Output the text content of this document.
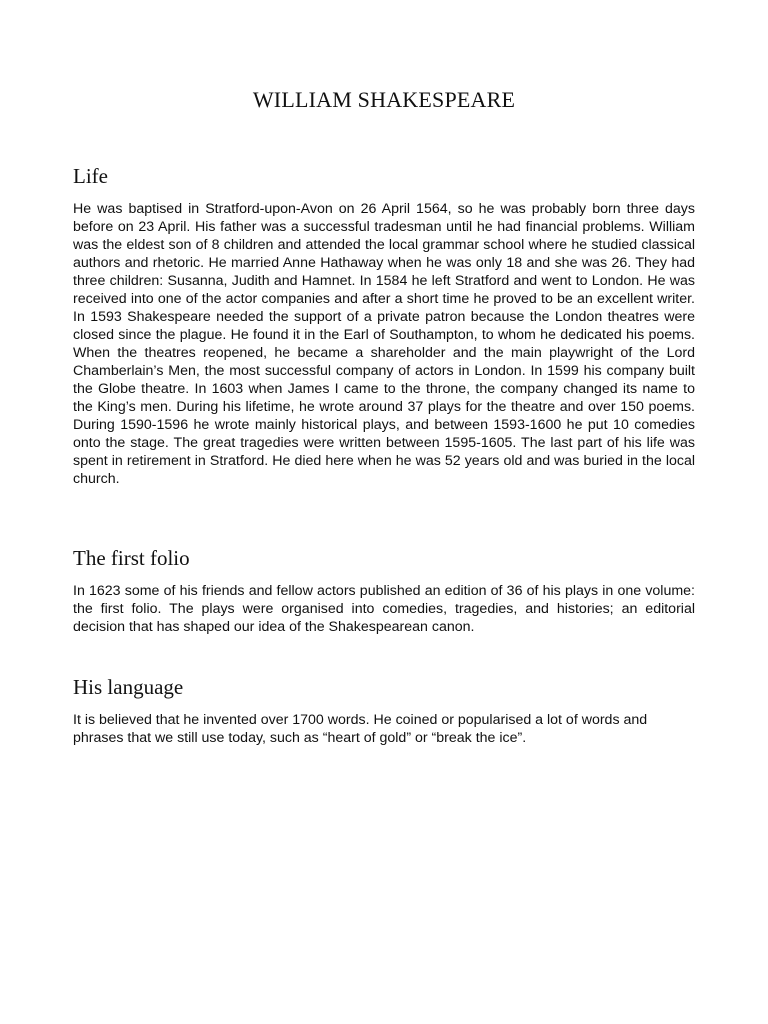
WILLIAM SHAKESPEARE
Life

He was baptised in Stratford-upon-Avon on 26 April 1564, so he was probably born three days before on 23 April. His father was a successful tradesman until he had financial problems. William was the eldest son of 8 children and attended the local grammar school where he studied classical authors and rhetoric. He married Anne Hathaway when he was only 18 and she was 26. They had three children: Susanna, Judith and Hamnet. In 1584 he left Stratford and went to London. He was received into one of the actor companies and after a short time he proved to be an excellent writer. In 1593 Shakespeare needed the support of a private patron because the London theatres were closed since the plague. He found it in the Earl of Southampton, to whom he dedicated his poems. When the theatres reopened, he became a shareholder and the main playwright of the Lord Chamberlain’s Men, the most successful company of actors in London. In 1599 his company built the Globe theatre. In 1603 when James I came to the throne, the company changed its name to the King’s men. During his lifetime, he wrote around 37 plays for the theatre and over 150 poems. During 1590-1596 he wrote mainly historical plays, and between 1593-1600 he put 10 comedies onto the stage. The great tragedies were written between 1595-1605. The last part of his life was spent in retirement in Stratford. He died here when he was 52 years old and was buried in the local church.

The first folio

In 1623 some of his friends and fellow actors published an edition of 36 of his plays in one volume: the first folio. The plays were organised into comedies, tragedies, and histories; an editorial decision that has shaped our idea of the Shakespearean canon.

His language

It is believed that he invented over 1700 words. He coined or popularised a lot of words and phrases that we still use today, such as “heart of gold” or “break the ice”.
